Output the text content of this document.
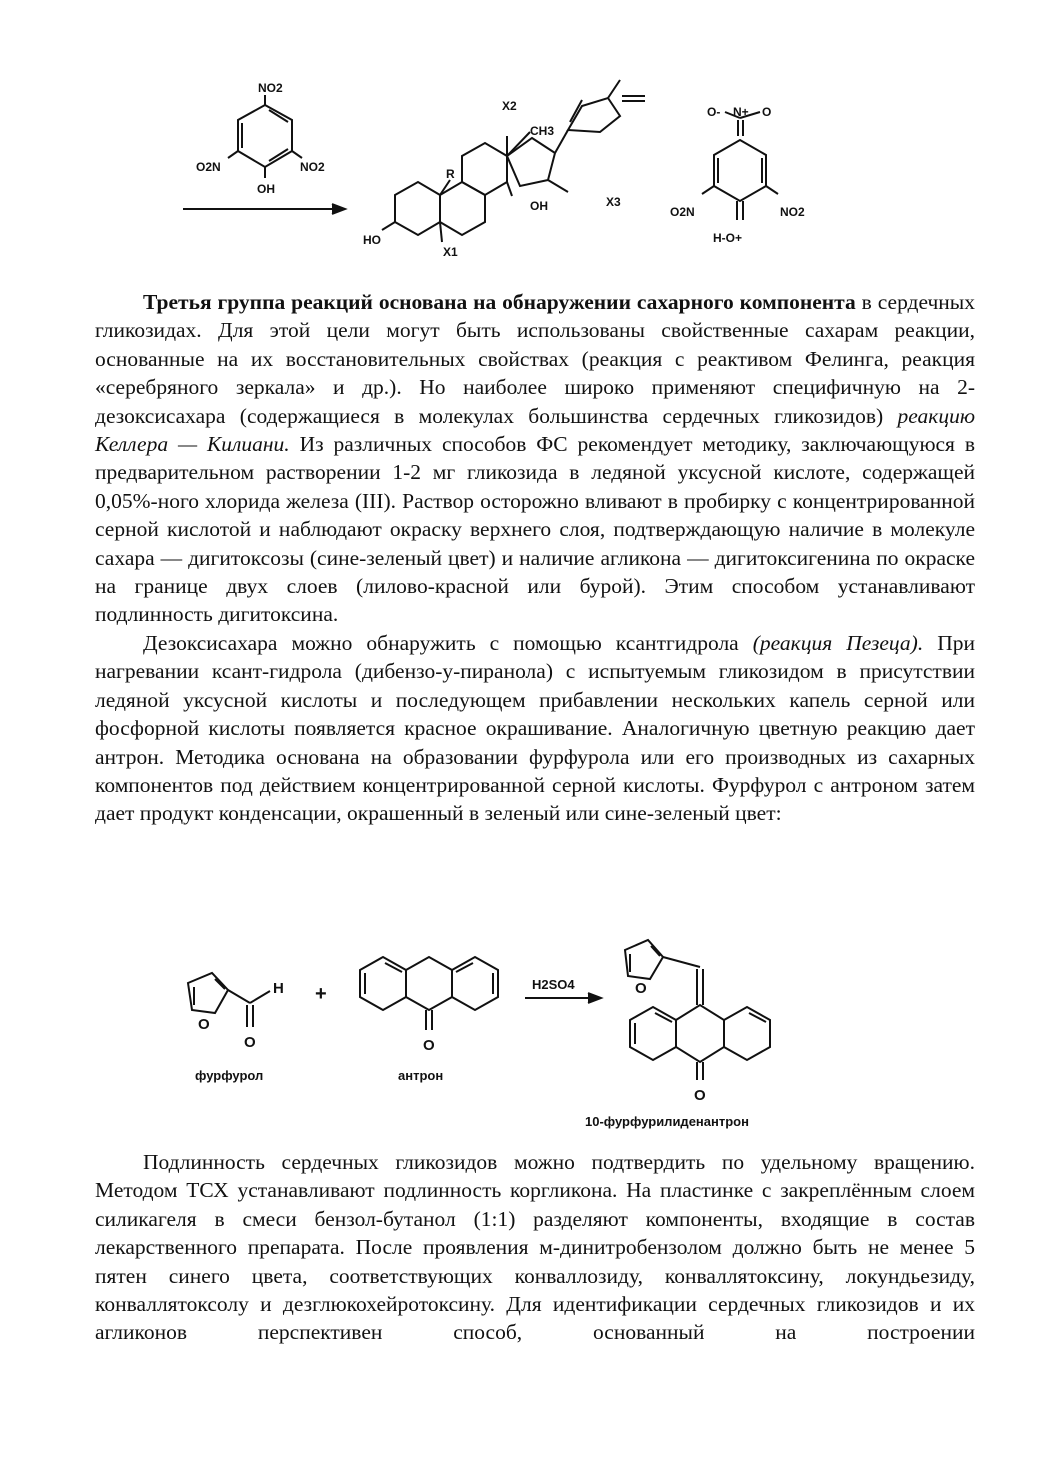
NO2
O2N	NO2
OH
X2
CH3
R
OH	X3
HO
X1
O- N+ O
O2N	NO2
H-O+

Третья группа реакций основана на обнаружении сахарного компонента в сердечных гликозидах. Для этой цели могут быть использованы свойственные сахарам реакции, основанные на их восстановительных свойствах (реакция с реактивом Фелинга, реакция «серебряного зеркала» и др.). Но наиболее широко применяют специфичную на 2-дезоксисахара (содержащиеся в молекулах большинства сердечных гликозидов) реакцию Келлера — Килиани. Из различных способов ФС рекомендует методику, заключающуюся в предварительном растворении 1-2 мг гликозида в ледяной уксусной кислоте, содержащей 0,05%-ного хлорида железа (III). Раствор осторожно вливают в пробирку с концентрированной серной кислотой и наблюдают окраску верхнего слоя, подтверждающую наличие в молекуле сахара — дигитоксозы (сине-зеленый цвет) и наличие агликона — дигитоксигенина по окраске на границе двух слоев (лилово-красной или бурой). Этим способом устанавливают подлинность дигитоксина.

Дезоксисахара можно обнаружить с помощью ксантгидрола (реакция Пезеца). При нагревании ксант-гидрола (дибензо-у-пиранола) с испытуемым гликозидом в присутствии ледяной уксусной кислоты и последующем прибавлении нескольких капель серной или фосфорной кислоты появляется красное окрашивание. Аналогичную цветную реакцию дает антрон. Методика основана на образовании фурфурола или его производных из сахарных компонентов под действием концентрированной серной кислоты. Фурфурол с антроном затем дает продукт конденсации, окрашенный в зеленый или сине-зеленый цвет:

O
H
O
+
O
O
O
H2SO4
фурфурол	антрон
10-фурфурилиденантрон

Подлинность сердечных гликозидов можно подтвердить по удельному вращению. Методом ТСХ устанавливают подлинность коргликона. На пластинке с закреплённым слоем силикагеля в смеси бензол-бутанол (1:1) разделяют компоненты, входящие в состав лекарственного препарата. После проявления м-динитробензолом должно быть не менее 5 пятен синего цвета, соответствующих конваллозиду, конваллятоксину, локундьезиду, конваллятоксолу и дезглюкохейротоксину. Для идентификации сердечных гликозидов и их агликонов перспективен способ, основанный на построении
